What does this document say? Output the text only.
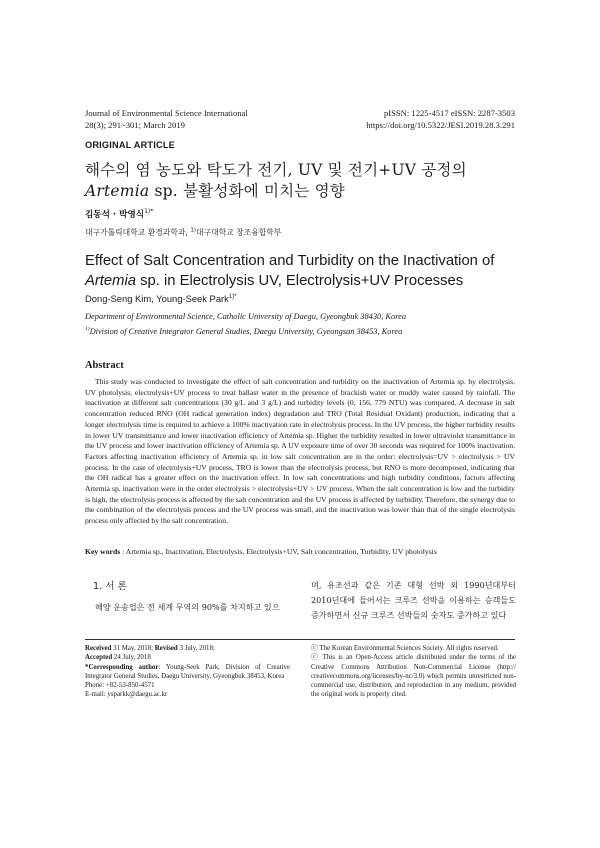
Journal of Environmental Science International
28(3); 291~301; March 2019
pISSN: 1225-4517 eISSN: 2287-3503
https://doi.org/10.5322/JESI.2019.28.3.291
ORIGINAL ARTICLE
해수의 염 농도와 탁도가 전기, UV 및 전기+UV 공정의
Artemia sp. 불활성화에 미치는 영향
김동석 · 박영식$^{1)*}$
대구가톨릭대학교 환경과학과, $^{1)}$대구대학교 창조융합학부
Effect of Salt Concentration and Turbidity on the Inactivation of
Artemia sp. in Electrolysis UV, Electrolysis+UV Processes
Dong-Seng Kim, Young-Seek Park$^{1)*}$
Department of Environmental Science, Catholic University of Daegu, Gyeongbuk 38430, Korea
$^{1)}$Division of Creative Integrator General Studies, Daegu University, Gyeongsan 38453, Korea
Abstract
This study was conducted to investigate the effect of salt concentration and turbidity on the inactivation of Artemia sp. by electrolysis, UV photolysis, electrolysis+UV process to treat ballast water in the presence of brackish water or muddy water caused by rainfall. The inactivation at different salt concentrations (30 g/L and 3 g/L) and turbidity levels (0, 156, 779 NTU) was compared. A decrease in salt concentration reduced RNO (OH radical generation index) degradation and TRO (Total Residual Oxidant) production, indicating that a longer electrolysis time is required to achieve a 100% inactivation rate in electrolysis process. In the UV process, the higher turbidity results in lower UV transmittance and lower inactivation efficiency of Artemia sp. Higher the turbidity resulted in lower ultraviolet transmittance in the UV process and lower inactivation efficiency of Artemia sp. A UV exposure time of over 30 seconds was required for 100% inactivation. Factors affecting inactivation efficiency of Artemia sp. in low salt concentration are in the order: electrolysis=UV > electrolysis > UV process. In the case of electrolysis+UV process, TRO is lower than the electrolysis process, but RNO is more decomposed, indicating that the OH radical has a greater effect on the inactivation effect. In low salt concentrations and high turbidity conditions, factors affecting Artemia sp. inactivation were in the order electrolysis > electrolysis+UV > UV process. When the salt concentration is low and the turbidity is high, the electrolysis process is affected by the salt concentration and the UV process is affected by turbidity. Therefore, the synergy due to the combination of the electrolysis process and the UV process was small, and the inactivation was lower than that of the single electrolysis process only affected by the salt concentration.
Key words : Artemia sp., Inactivation, Electrolysis, Electrolysis+UV, Salt concentration, Turbidity, UV photolysis
1. 서 론
해양 운송업은 전 세계 무역의 90%를 차지하고 있으
며, 유조선과 같은 기존 대형 선박 외 1990년대부터 2010년대에 들어서는 크루즈 선박을 이용하는 승객들도 증가하면서 신규 크루즈 선박들의 숫자도 증가하고 있다
Received 31 May, 2018; Revised 3 July, 2018;
Accepted 24 July, 2018
*Corresponding author: Young-Seek Park, Division of Creative Integrator General Studies, Daegu University, Gyeongbuk 38453, Korea
Phone: +82-53-850-4571
E-mail: ysparkk@daegu.ac.kr
ⓒ The Korean Environmental Sciences Society. All rights reserved.
ⓒ This is an Open-Access article distributed under the terms of the Creative Commons Attribution Non-Commercial License (http:// creativecommons.org/licenses/by-nc/3.0) which permits unrestricted non-commercial use, distribution, and reproduction in any medium, provided the original work is properly cited.
